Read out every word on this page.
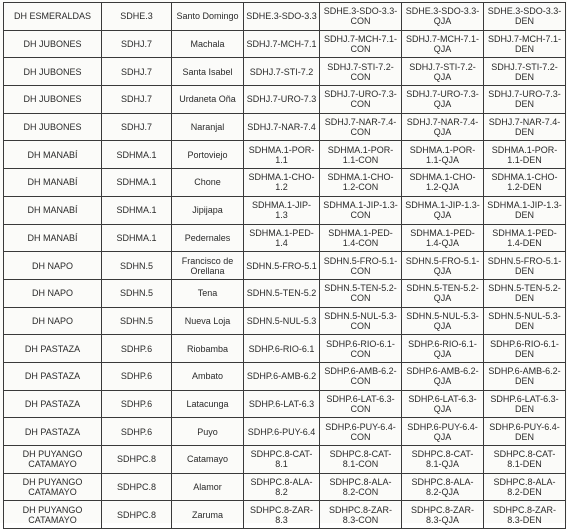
DH ESMERALDAS	SDHE.3	Santo Domingo	SDHE.3-SDO-3.3	SDHE.3-SDO-3.3-CON	SDHE.3-SDO-3.3-QJA	SDHE.3-SDO-3.3-DEN
DH JUBONES	SDHJ.7	Machala	SDHJ.7-MCH-7.1	SDHJ.7-MCH-7.1-CON	SDHJ.7-MCH-7.1-QJA	SDHJ.7-MCH-7.1-DEN
DH JUBONES	SDHJ.7	Santa Isabel	SDHJ.7-STI-7.2	SDHJ.7-STI-7.2-CON	SDHJ.7-STI-7.2-QJA	SDHJ.7-STI-7.2-DEN
DH JUBONES	SDHJ.7	Urdaneta Oña	SDHJ.7-URO-7.3	SDHJ.7-URO-7.3-CON	SDHJ.7-URO-7.3-QJA	SDHJ.7-URO-7.3-DEN
DH JUBONES	SDHJ.7	Naranjal	SDHJ.7-NAR-7.4	SDHJ.7-NAR-7.4-CON	SDHJ.7-NAR-7.4-QJA	SDHJ.7-NAR-7.4-DEN
DH MANABÍ	SDHMA.1	Portoviejo	SDHMA.1-POR-1.1	SDHMA.1-POR-1.1-CON	SDHMA.1-POR-1.1-QJA	SDHMA.1-POR-1.1-DEN
DH MANABÍ	SDHMA.1	Chone	SDHMA.1-CHO-1.2	SDHMA.1-CHO-1.2-CON	SDHMA.1-CHO-1.2-QJA	SDHMA.1-CHO-1.2-DEN
DH MANABÍ	SDHMA.1	Jipijapa	SDHMA.1-JIP-1.3	SDHMA.1-JIP-1.3-CON	SDHMA.1-JIP-1.3-QJA	SDHMA.1-JIP-1.3-DEN
DH MANABÍ	SDHMA.1	Pedernales	SDHMA.1-PED-1.4	SDHMA.1-PED-1.4-CON	SDHMA.1-PED-1.4-QJA	SDHMA.1-PED-1.4-DEN
DH NAPO	SDHN.5	Francisco de Orellana	SDHN.5-FRO-5.1	SDHN.5-FRO-5.1-CON	SDHN.5-FRO-5.1-QJA	SDHN.5-FRO-5.1-DEN
DH NAPO	SDHN.5	Tena	SDHN.5-TEN-5.2	SDHN.5-TEN-5.2-CON	SDHN.5-TEN-5.2-QJA	SDHN.5-TEN-5.2-DEN
DH NAPO	SDHN.5	Nueva Loja	SDHN.5-NUL-5.3	SDHN.5-NUL-5.3-CON	SDHN.5-NUL-5.3-QJA	SDHN.5-NUL-5.3-DEN
DH PASTAZA	SDHP.6	Riobamba	SDHP.6-RIO-6.1	SDHP.6-RIO-6.1-CON	SDHP.6-RIO-6.1-QJA	SDHP.6-RIO-6.1-DEN
DH PASTAZA	SDHP.6	Ambato	SDHP.6-AMB-6.2	SDHP.6-AMB-6.2-CON	SDHP.6-AMB-6.2-QJA	SDHP.6-AMB-6.2-DEN
DH PASTAZA	SDHP.6	Latacunga	SDHP.6-LAT-6.3	SDHP.6-LAT-6.3-CON	SDHP.6-LAT-6.3-QJA	SDHP.6-LAT-6.3-DEN
DH PASTAZA	SDHP.6	Puyo	SDHP.6-PUY-6.4	SDHP.6-PUY-6.4-CON	SDHP.6-PUY-6.4-QJA	SDHP.6-PUY-6.4-DEN
DH PUYANGO CATAMAYO	SDHPC.8	Catamayo	SDHPC.8-CAT-8.1	SDHPC.8-CAT-8.1-CON	SDHPC.8-CAT-8.1-QJA	SDHPC.8-CAT-8.1-DEN
DH PUYANGO CATAMAYO	SDHPC.8	Alamor	SDHPC.8-ALA-8.2	SDHPC.8-ALA-8.2-CON	SDHPC.8-ALA-8.2-QJA	SDHPC.8-ALA-8.2-DEN
DH PUYANGO CATAMAYO	SDHPC.8	Zaruma	SDHPC.8-ZAR-8.3	SDHPC.8-ZAR-8.3-CON	SDHPC.8-ZAR-8.3-QJA	SDHPC.8-ZAR-8.3-DEN
